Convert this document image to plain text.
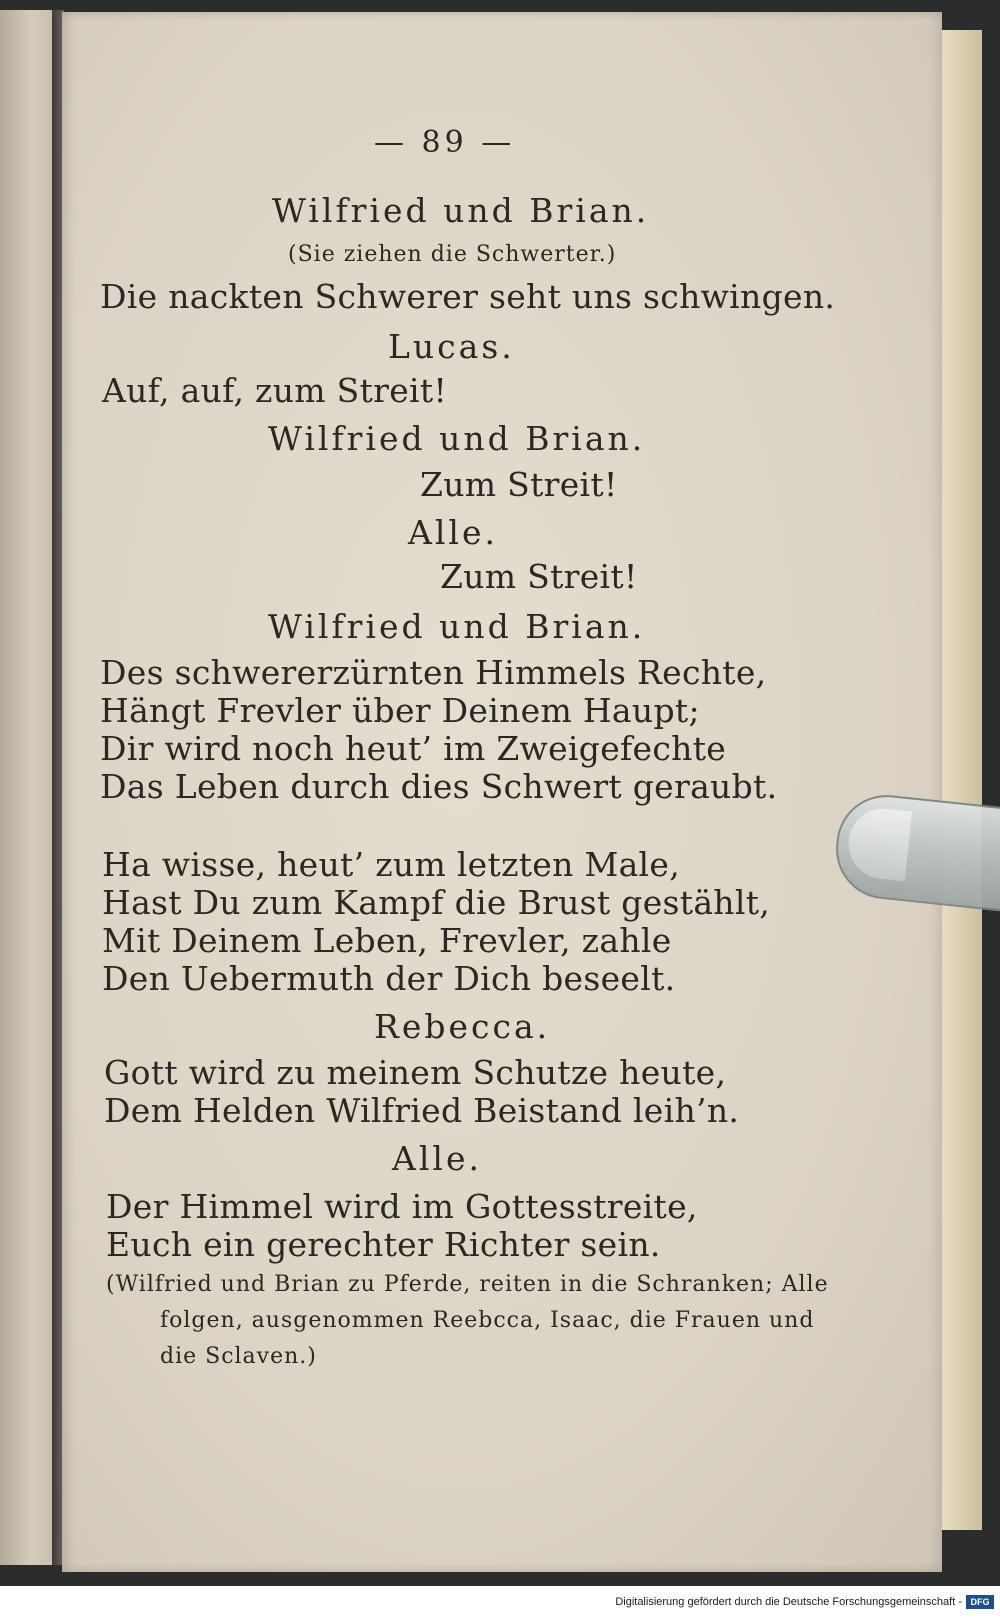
— 89 —
Wilfried und Brian.
(Sie ziehen die Schwerter.)
Die nackten Schwerer seht uns schwingen.
Lucas.
Auf, auf, zum Streit!
Wilfried und Brian.
Zum Streit!
Alle.
Zum Streit!
Wilfried und Brian.
Des schwererzürnten Himmels Rechte,
Hängt Frevler über Deinem Haupt;
Dir wird noch heut’ im Zweigefechte
Das Leben durch dies Schwert geraubt.
Ha wisse, heut’ zum letzten Male,
Hast Du zum Kampf die Brust gestählt,
Mit Deinem Leben, Frevler, zahle
Den Uebermuth der Dich beseelt.
Rebecca.
Gott wird zu meinem Schutze heute,
Dem Helden Wilfried Beistand leih’n.
Alle.
Der Himmel wird im Gottesstreite,
Euch ein gerechter Richter sein.
(Wilfried und Brian zu Pferde, reiten in die Schranken; Alle
folgen, ausgenommen Reebcca, Isaac, die Frauen und
die Sclaven.)
Digitalisierung gefördert durch die Deutsche Forschungsgemeinschaft - DFG
